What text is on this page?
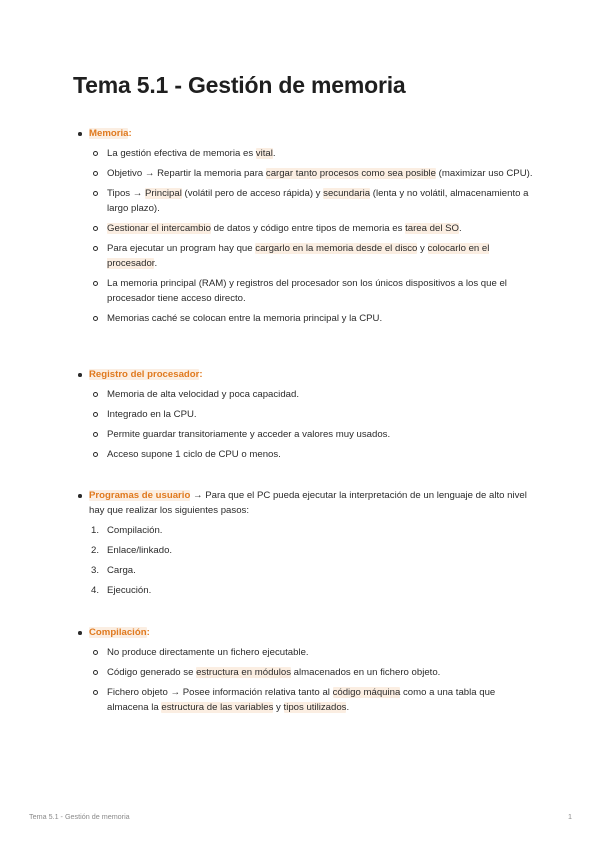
Tema 5.1 - Gestión de memoria
Memoria:
La gestión efectiva de memoria es vital.
Objetivo → Repartir la memoria para cargar tanto procesos como sea posible (maximizar uso CPU).
Tipos → Principal (volátil pero de acceso rápida) y secundaria (lenta y no volátil, almacenamiento a largo plazo).
Gestionar el intercambio de datos y código entre tipos de memoria es tarea del SO.
Para ejecutar un program hay que cargarlo en la memoria desde el disco y colocarlo en el procesador.
La memoria principal (RAM) y registros del procesador son los únicos dispositivos a los que el procesador tiene acceso directo.
Memorias caché se colocan entre la memoria principal y la CPU.
Registro del procesador:
Memoria de alta velocidad y poca capacidad.
Integrado en la CPU.
Permite guardar transitoriamente y acceder a valores muy usados.
Acceso supone 1 ciclo de CPU o menos.
Programas de usuario → Para que el PC pueda ejecutar la interpretación de un lenguaje de alto nivel hay que realizar los siguientes pasos:
1. Compilación.
2. Enlace/linkado.
3. Carga.
4. Ejecución.
Compilación:
No produce directamente un fichero ejecutable.
Código generado se estructura en módulos almacenados en un fichero objeto.
Fichero objeto → Posee información relativa tanto al código máquina como a una tabla que almacena la estructura de las variables y tipos utilizados.
Tema 5.1 - Gestión de memoria	1
